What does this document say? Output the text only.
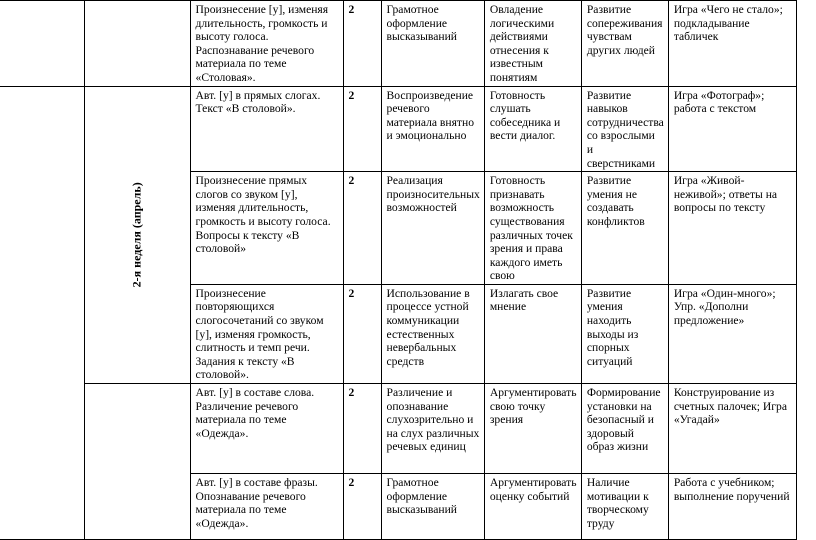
		Произнесение [у], изменяя длительность, громкость и высоту голоса. Распознавание речевого материала по теме «Столовая».	2	Грамотное оформление высказываний	Овладение логическими действиями отнесения к известным понятиям	Развитие сопереживания чувствам других людей	Игра «Чего не стало»; подкладывание табличек
	2-я неделя (апрель)	Авт. [у] в прямых слогах. Текст «В столовой».	2	Воспроизведение речевого материала внятно и эмоционально	Готовность слушать собеседника и вести диалог.	Развитие навыков сотрудничества со взрослыми и сверстниками	Игра «Фотограф»; работа с текстом
		Произнесение прямых слогов со звуком [у], изменяя длительность, громкость и высоту голоса. Вопросы к тексту «В столовой»	2	Реализация произносительных возможностей	Готовность признавать возможность существования различных точек зрения и права каждого иметь свою	Развитие умения не создавать конфликтов	Игра «Живой-неживой»; ответы на вопросы по тексту
		Произнесение повторяющихся слогосочетаний со звуком [у], изменяя громкость, слитность и темп речи. Задания к тексту «В столовой».	2	Использование в процессе устной коммуникации естественных невербальных средств	Излагать свое мнение	Развитие умения находить выходы из спорных ситуаций	Игра «Один-много»; Упр. «Дополни предложение»
		Авт. [у] в составе слова. Различение речевого материала по теме «Одежда».	2	Различение и опознавание слухозрительно и на слух различных речевых единиц	Аргументировать свою точку зрения	Формирование установки на безопасный и здоровый образ жизни	Конструирование из счетных палочек; Игра «Угадай»
		Авт. [у] в составе фразы. Опознавание речевого материала по теме «Одежда».	2	Грамотное оформление высказываний	Аргументировать оценку событий	Наличие мотивации к творческому труду	Работа с учебником; выполнение поручений
